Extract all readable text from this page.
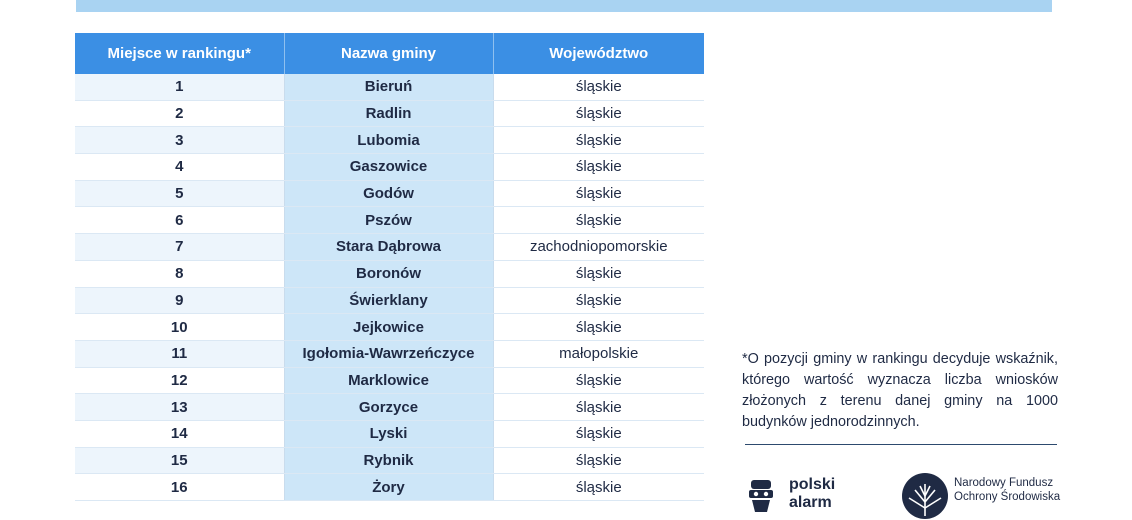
Miejsce w rankingu*	Nazwa gminy	Województwo
1	Bieruń	śląskie
2	Radlin	śląskie
3	Lubomia	śląskie
4	Gaszowice	śląskie
5	Godów	śląskie
6	Pszów	śląskie
7	Stara Dąbrowa	zachodniopomorskie
8	Boronów	śląskie
9	Świerklany	śląskie
10	Jejkowice	śląskie
11	Igołomia-Wawrzeńczyce	małopolskie
12	Marklowice	śląskie
13	Gorzyce	śląskie
14	Lyski	śląskie
15	Rybnik	śląskie
16	Żory	śląskie
*O pozycji gminy w rankingu decyduje wskaźnik, którego wartość wyznacza liczba wniosków złożonych z terenu danej gminy na 1000 budynków jednorodzinnych.
polski
alarm
Narodowy Fundusz
Ochrony Środowiska
